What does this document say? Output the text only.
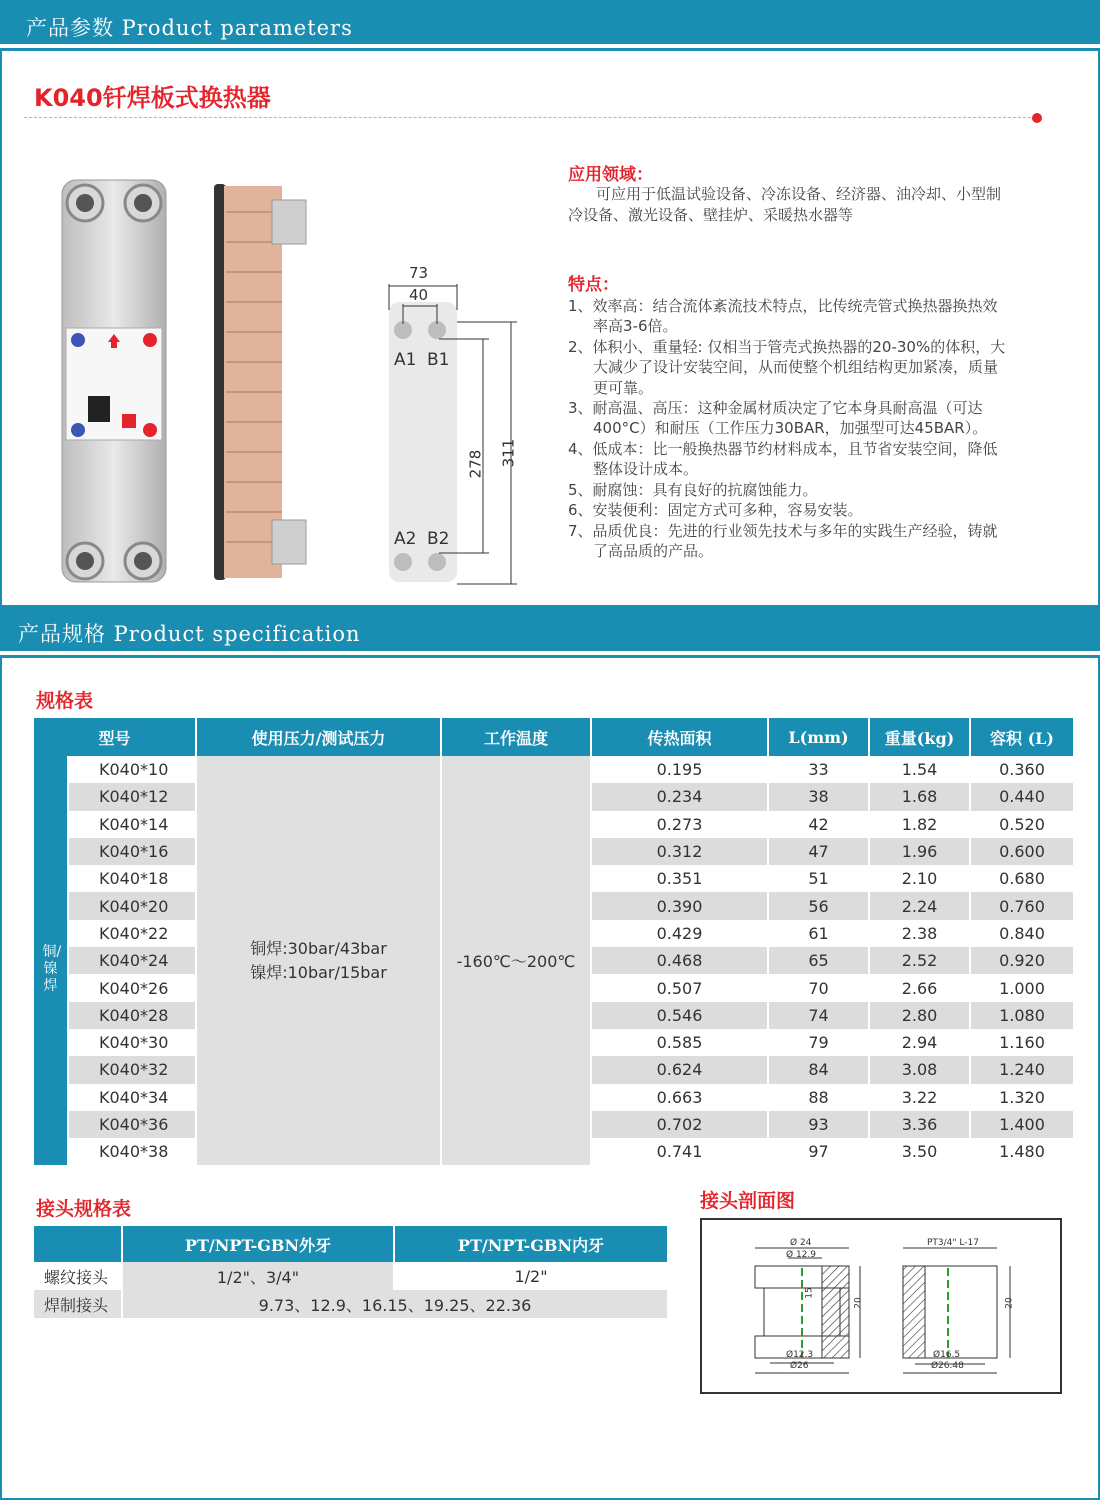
产品参数 Product parameters
K040钎焊板式换热器
73
40
278 311
A1 B1
A2 B2
应用领域：
可应用于低温试验设备、冷冻设备、经济器、油冷却、小型制
冷设备、激光设备、壁挂炉、采暖热水器等
特点：
1、效率高：结合流体紊流技术特点，比传统壳管式换热器换热效
率高3-6倍。
2、体积小、重量轻: 仅相当于管壳式换热器的20-30%的体积，大
大减少了设计安装空间，从而使整个机组结构更加紧凑，质量
更可靠。
3、耐高温、高压：这种金属材质决定了它本身具耐高温（可达
400°C）和耐压（工作压力30BAR，加强型可达45BAR）。
4、低成本：比一般换热器节约材料成本，且节省安装空间，降低
整体设计成本。
5、耐腐蚀：具有良好的抗腐蚀能力。
6、安装便利：固定方式可多种，容易安装。
7、品质优良：先进的行业领先技术与多年的实践生产经验，铸就
了高品质的产品。
产品规格 Product specification
规格表
型号		使用压力/测试压力	工作温度	传热面积	L(mm)	重量(kg)	容积 (L)
铜/镍焊	K040*10	铜焊:30bar/43bar
镍焊:10bar/15bar	-160℃～200℃	0.195	33	1.54	0.360
	K040*12			0.234	38	1.68	0.440
	K040*14			0.273	42	1.82	0.520
	K040*16			0.312	47	1.96	0.600
	K040*18			0.351	51	2.10	0.680
	K040*20			0.390	56	2.24	0.760
	K040*22			0.429	61	2.38	0.840
	K040*24			0.468	65	2.52	0.920
	K040*26			0.507	70	2.66	1.000
	K040*28			0.546	74	2.80	1.080
	K040*30			0.585	79	2.94	1.160
	K040*32			0.624	84	3.08	1.240
	K040*34			0.663	88	3.22	1.320
	K040*36			0.702	93	3.36	1.400
	K040*38			0.741	97	3.50	1.480
接头规格表
	PT/NPT-GBN外牙	PT/NPT-GBN内牙
螺纹接头	1/2"、3/4"	1/2"
焊制接头	9.73、12.9、16.15、19.25、22.36	
接头剖面图
Ø 24
Ø 12.9
Ø12.3
Ø26
15
20
PT3/4" L-17
Ø16.5
Ø26.48
20
